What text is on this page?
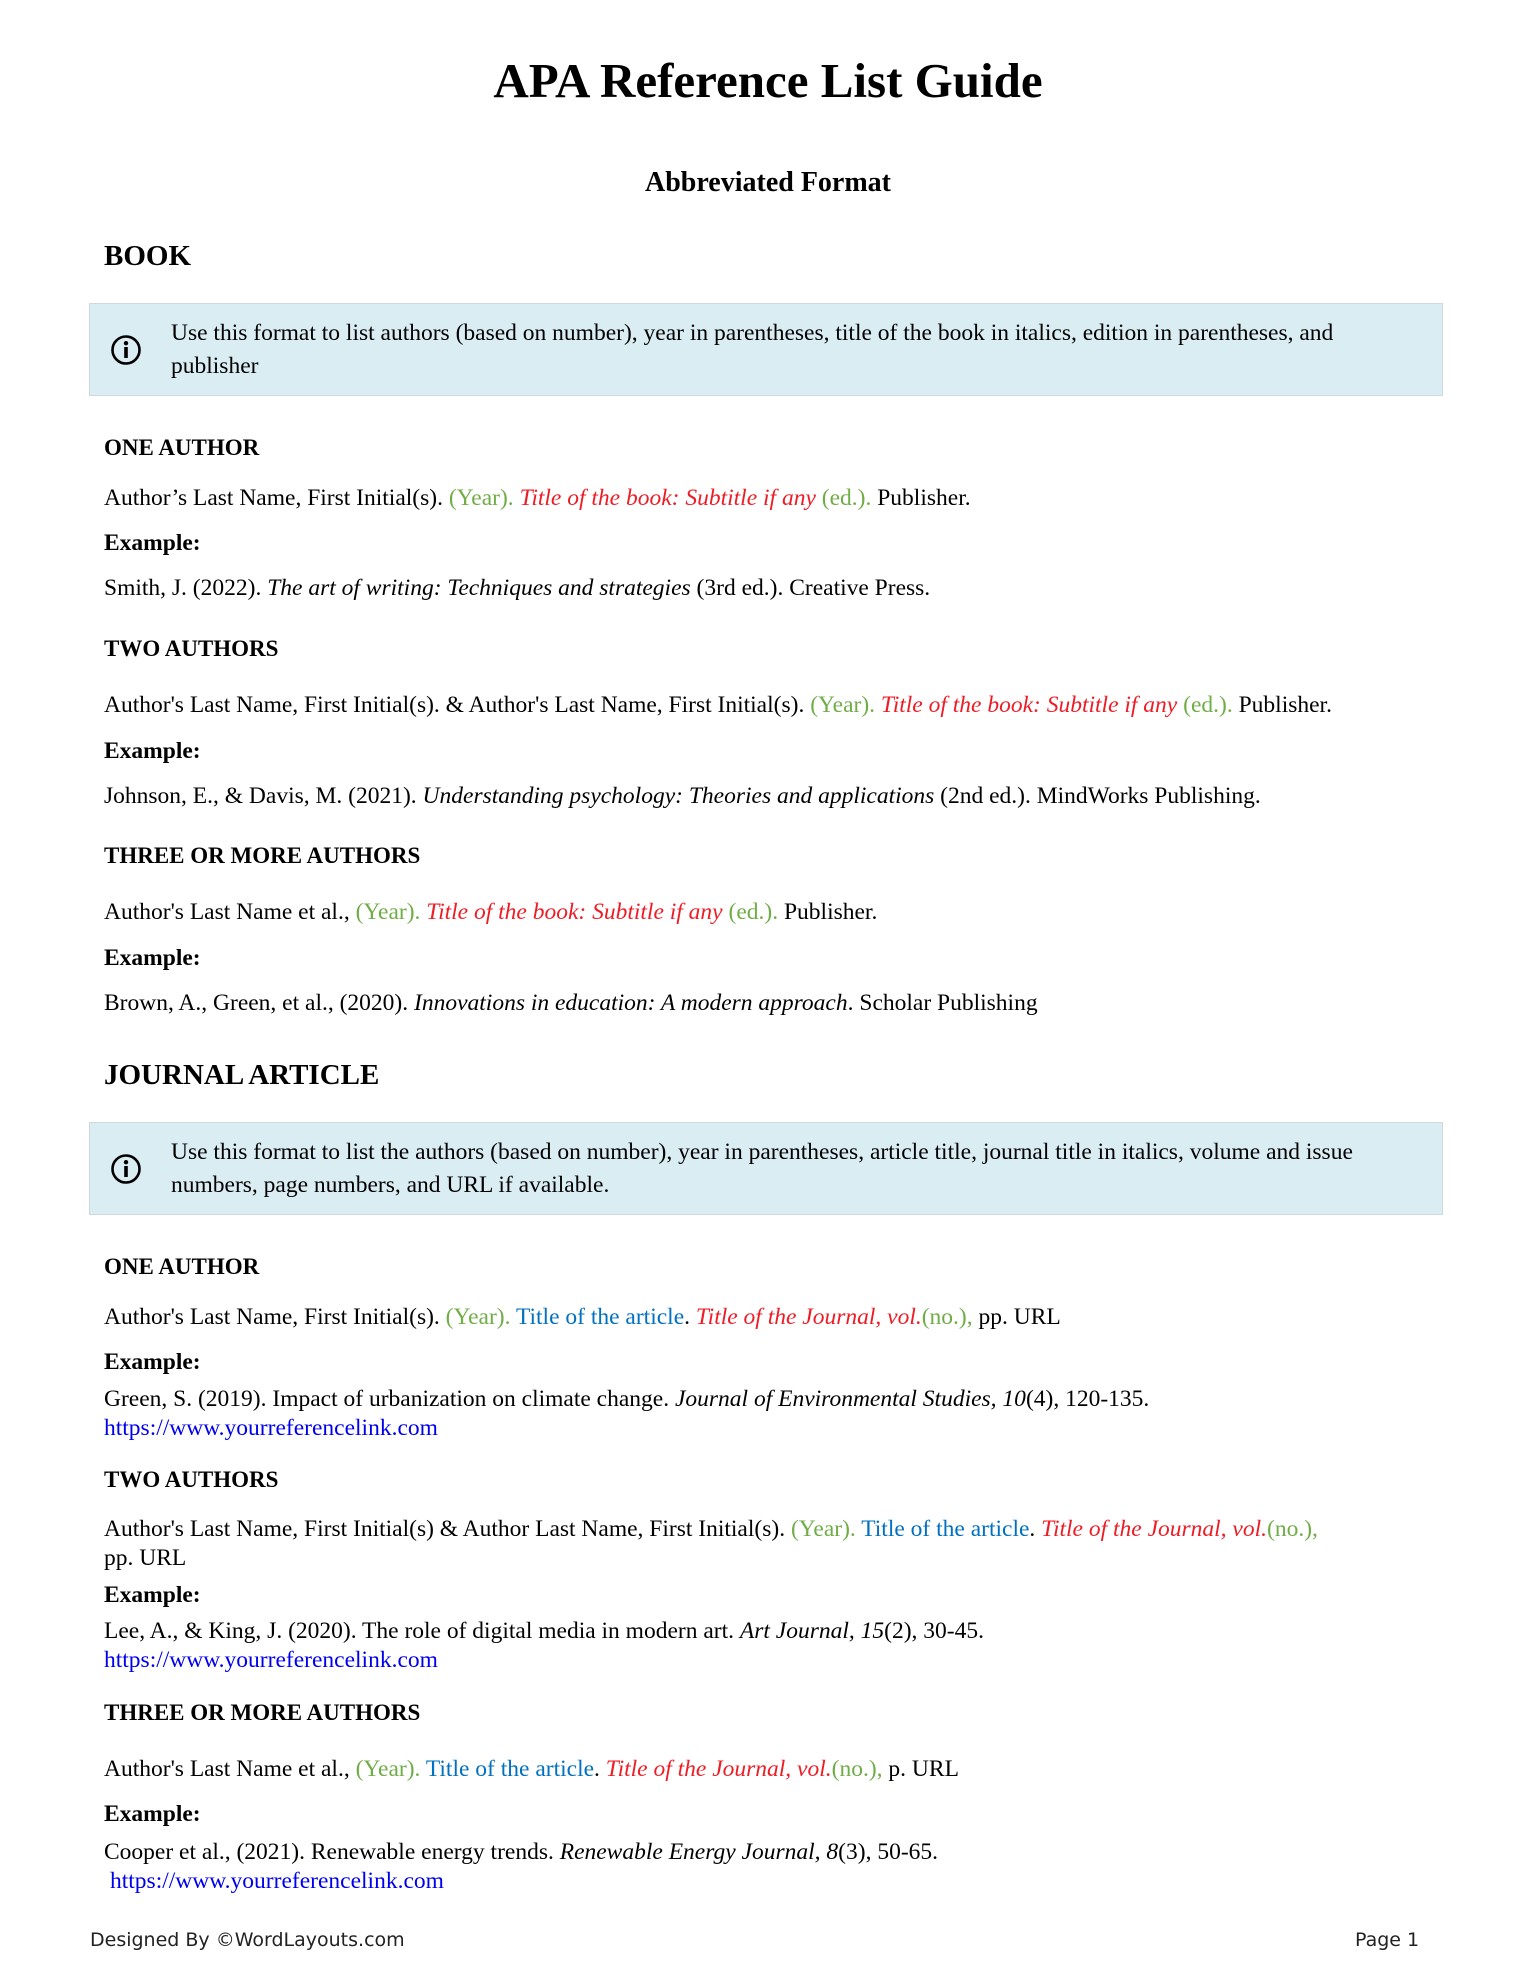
APA Reference List Guide
Abbreviated Format
BOOK
Use this format to list authors (based on number), year in parentheses, title of the book in italics, edition in parentheses, and publisher
ONE AUTHOR
Author’s Last Name, First Initial(s). (Year). Title of the book: Subtitle if any (ed.). Publisher.
Example:
Smith, J. (2022). The art of writing: Techniques and strategies (3rd ed.). Creative Press.
TWO AUTHORS
Author's Last Name, First Initial(s). & Author's Last Name, First Initial(s). (Year). Title of the book: Subtitle if any (ed.). Publisher.
Example:
Johnson, E., & Davis, M. (2021). Understanding psychology: Theories and applications (2nd ed.). MindWorks Publishing.
THREE OR MORE AUTHORS
Author's Last Name et al., (Year). Title of the book: Subtitle if any (ed.). Publisher.
Example:
Brown, A., Green, et al., (2020). Innovations in education: A modern approach. Scholar Publishing
JOURNAL ARTICLE
Use this format to list the authors (based on number), year in parentheses, article title, journal title in italics, volume and issue numbers, page numbers, and URL if available.
ONE AUTHOR
Author's Last Name, First Initial(s). (Year). Title of the article. Title of the Journal, vol.(no.), pp. URL
Example:
Green, S. (2019). Impact of urbanization on climate change. Journal of Environmental Studies, 10(4), 120-135.
https://www.yourreferencelink.com
TWO AUTHORS
Author's Last Name, First Initial(s) & Author Last Name, First Initial(s). (Year). Title of the article. Title of the Journal, vol.(no.),
pp. URL
Example:
Lee, A., & King, J. (2020). The role of digital media in modern art. Art Journal, 15(2), 30-45.
https://www.yourreferencelink.com
THREE OR MORE AUTHORS
Author's Last Name et al., (Year). Title of the article. Title of the Journal, vol.(no.), p. URL
Example:
Cooper et al., (2021). Renewable energy trends. Renewable Energy Journal, 8(3), 50-65.
https://www.yourreferencelink.com
Designed By ©WordLayouts.com	Page 1
